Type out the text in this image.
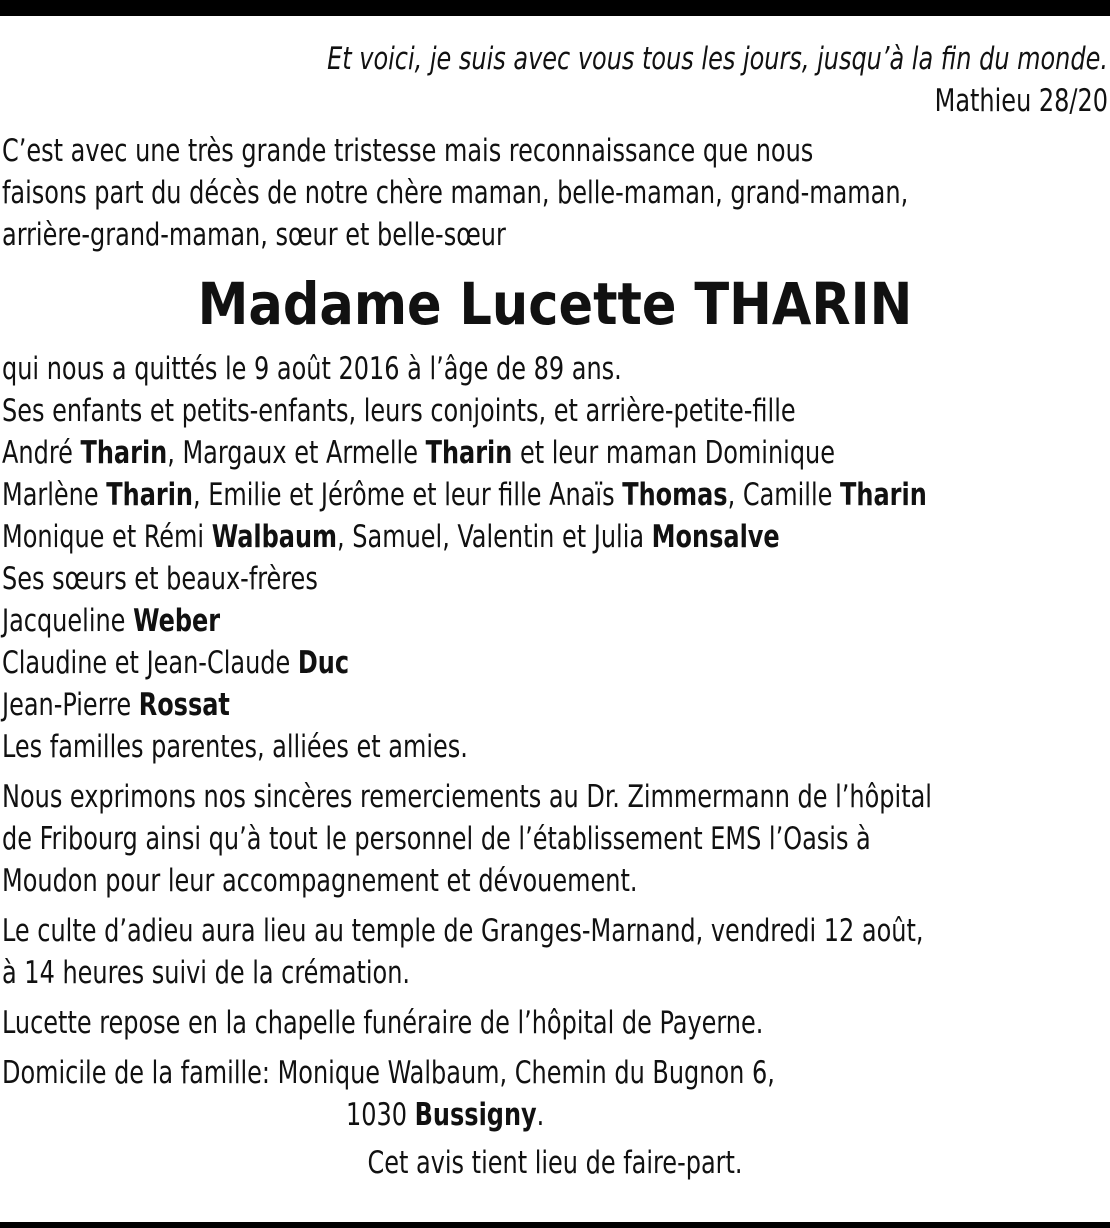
Et voici, je suis avec vous tous les jours, jusqu’à la fin du monde.
Mathieu 28/20
C’est avec une très grande tristesse mais reconnaissance que nous
faisons part du décès de notre chère maman, belle-maman, grand-maman,
arrière-grand-maman, sœur et belle-sœur
Madame Lucette THARIN
qui nous a quittés le 9 août 2016 à l’âge de 89 ans.
Ses enfants et petits-enfants, leurs conjoints, et arrière-petite-fille
André Tharin, Margaux et Armelle Tharin et leur maman Dominique
Marlène Tharin, Emilie et Jérôme et leur fille Anaïs Thomas, Camille Tharin
Monique et Rémi Walbaum, Samuel, Valentin et Julia Monsalve
Ses sœurs et beaux-frères
Jacqueline Weber
Claudine et Jean-Claude Duc
Jean-Pierre Rossat
Les familles parentes, alliées et amies.
Nous exprimons nos sincères remerciements au Dr. Zimmermann de l’hôpital
de Fribourg ainsi qu’à tout le personnel de l’établissement EMS l’Oasis à
Moudon pour leur accompagnement et dévouement.
Le culte d’adieu aura lieu au temple de Granges-Marnand, vendredi 12 août,
à 14 heures suivi de la crémation.
Lucette repose en la chapelle funéraire de l’hôpital de Payerne.
Domicile de la famille: Monique Walbaum, Chemin du Bugnon 6,
1030 Bussigny.
Cet avis tient lieu de faire-part.
